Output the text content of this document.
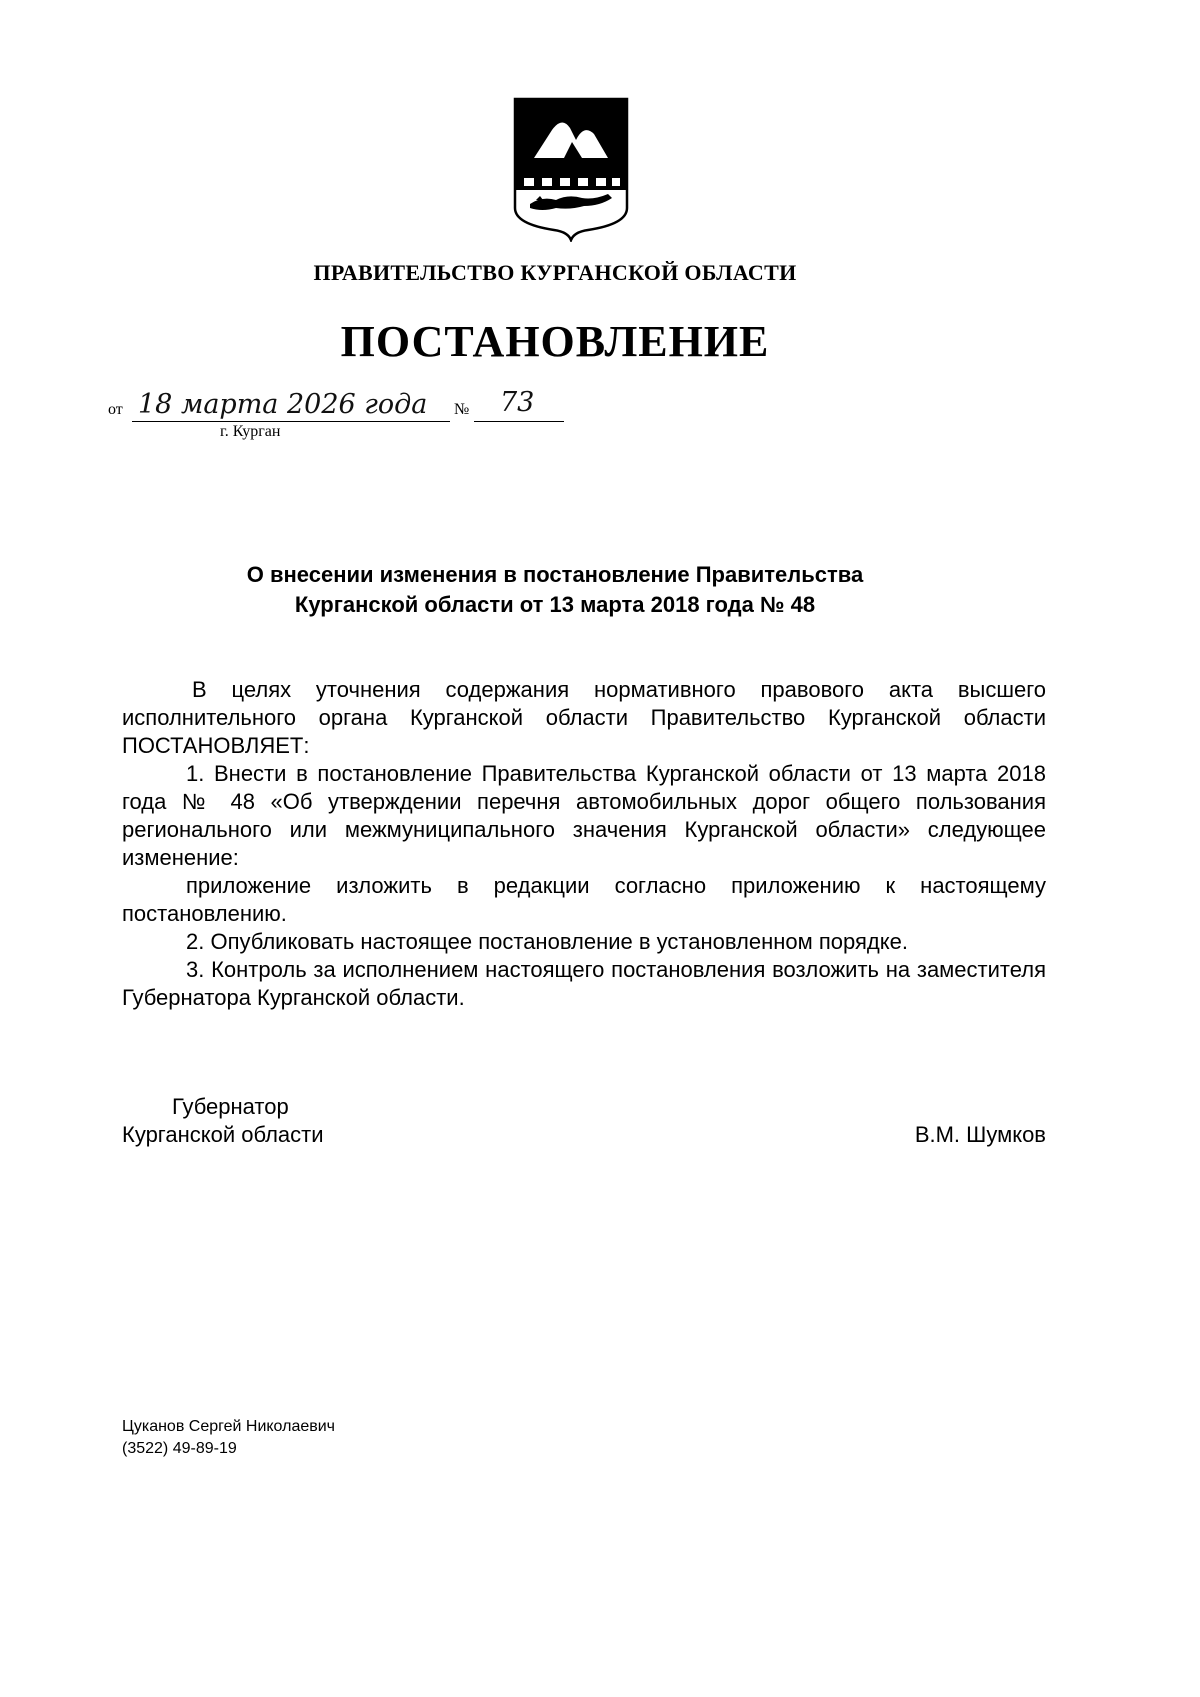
ПРАВИТЕЛЬСТВО КУРГАНСКОЙ ОБЛАСТИ
ПОСТАНОВЛЕНИЕ
от 18 марта 2026 года № 73
г. Курган
О внесении изменения в постановление Правительства
Курганской области от 13 марта 2018 года № 48

В целях уточнения содержания нормативного правового акта высшего исполнительного органа Курганской области Правительство Курганской области ПОСТАНОВЛЯЕТ:

1. Внести в постановление Правительства Курганской области от 13 марта 2018 года № 48 «Об утверждении перечня автомобильных дорог общего пользования регионального или межмуниципального значения Курганской области» следующее изменение:

приложение изложить в редакции согласно приложению к настоящему постановлению.

2. Опубликовать настоящее постановление в установленном порядке.

3. Контроль за исполнением настоящего постановления возложить на заместителя Губернатора Курганской области.

Губернатор
Курганской области	В.М. Шумков
Цуканов Сергей Николаевич
(3522) 49-89-19
